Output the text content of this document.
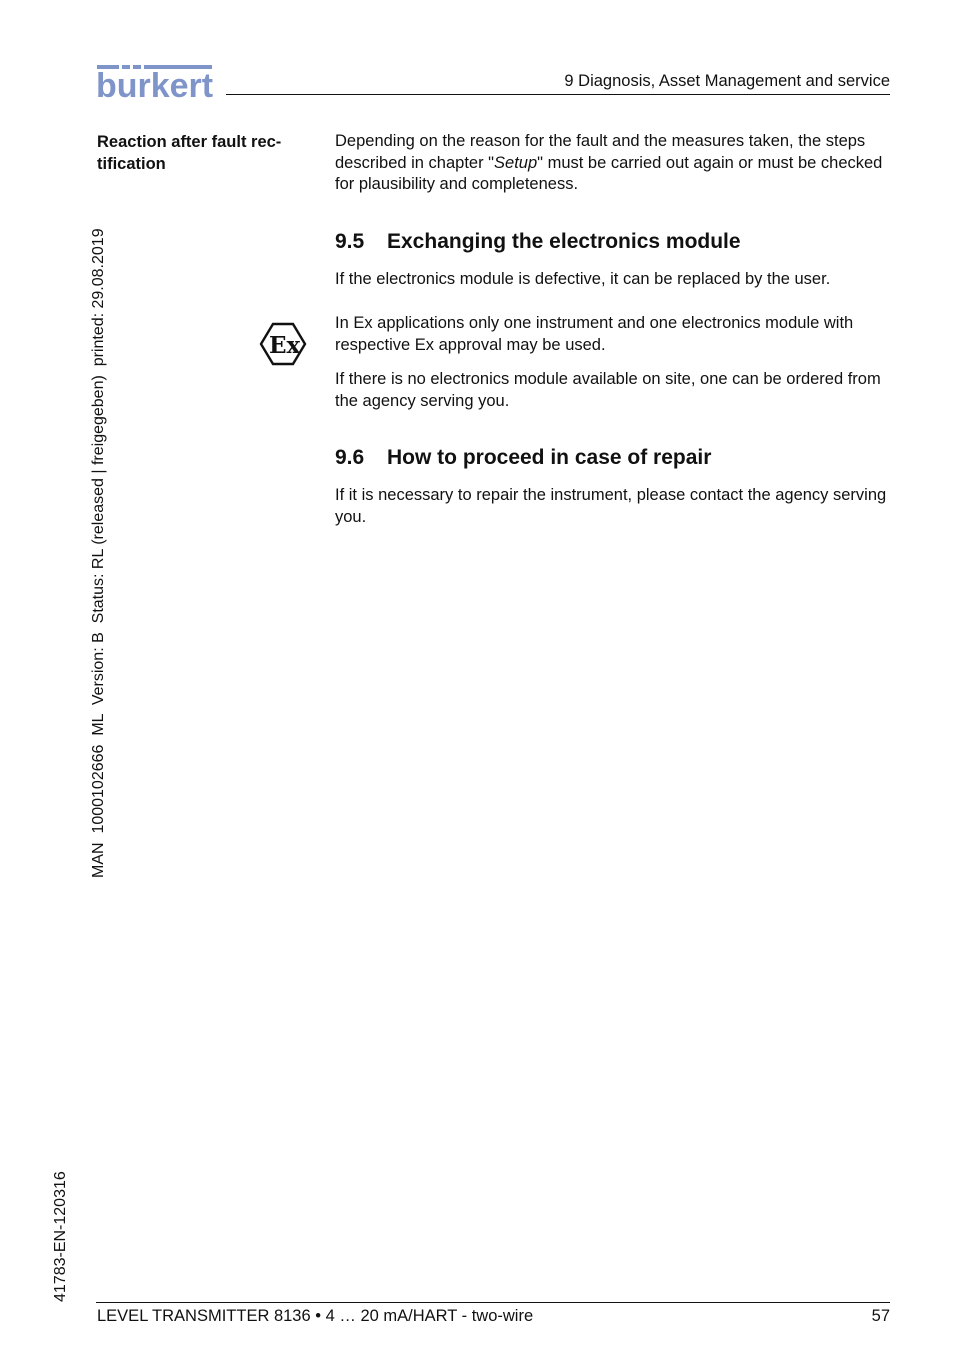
burkert	9 Diagnosis, Asset Management and service
Reaction after fault rec-
tification
Depending on the reason for the fault and the measures taken, the steps described in chapter "Setup" must be carried out again or must be checked for plausibility and completeness.
9.5 Exchanging the electronics module
If the electronics module is defective, it can be replaced by the user.
Ex
In Ex applications only one instrument and one electronics module with respective Ex approval may be used.
If there is no electronics module available on site, one can be ordered from the agency serving you.
9.6 How to proceed in case of repair
If it is necessary to repair the instrument, please contact the agency serving you.
MAN  1000102666  ML  Version: B  Status: RL (released | freigegeben)  printed: 29.08.2019
41783-EN-120316
LEVEL TRANSMITTER 8136 • 4 … 20 mA/HART - two-wire	57
